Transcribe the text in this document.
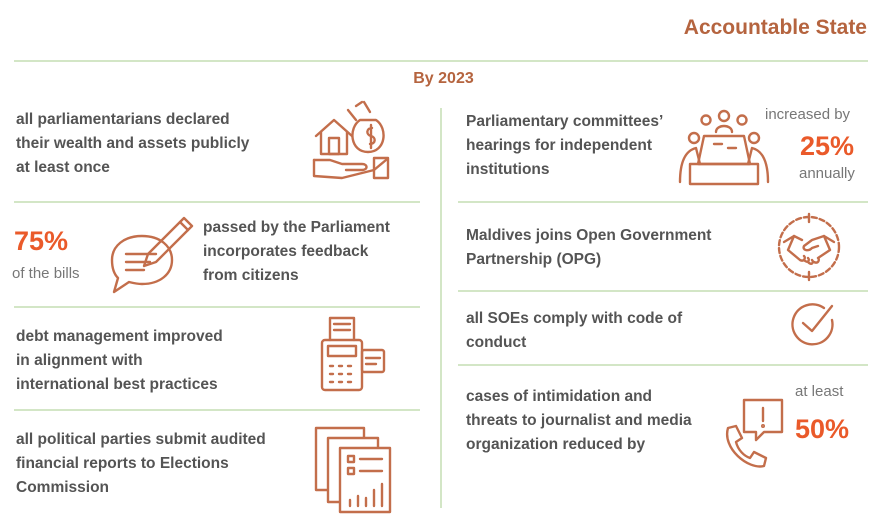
Accountable State
By 2023
all parliamentarians declared
their wealth and assets publicly
at least once
75%
of the bills
passed by the Parliament
incorporates feedback
from citizens
debt management improved
in alignment with
international best practices
all political parties submit audited
financial reports to Elections
Commission
Parliamentary committees’
hearings for independent
institutions
increased by
25%
annually
Maldives joins Open Government
Partnership (OPG)
all SOEs comply with code of
conduct
cases of intimidation and
threats to journalist and media
organization reduced by
at least
50%
